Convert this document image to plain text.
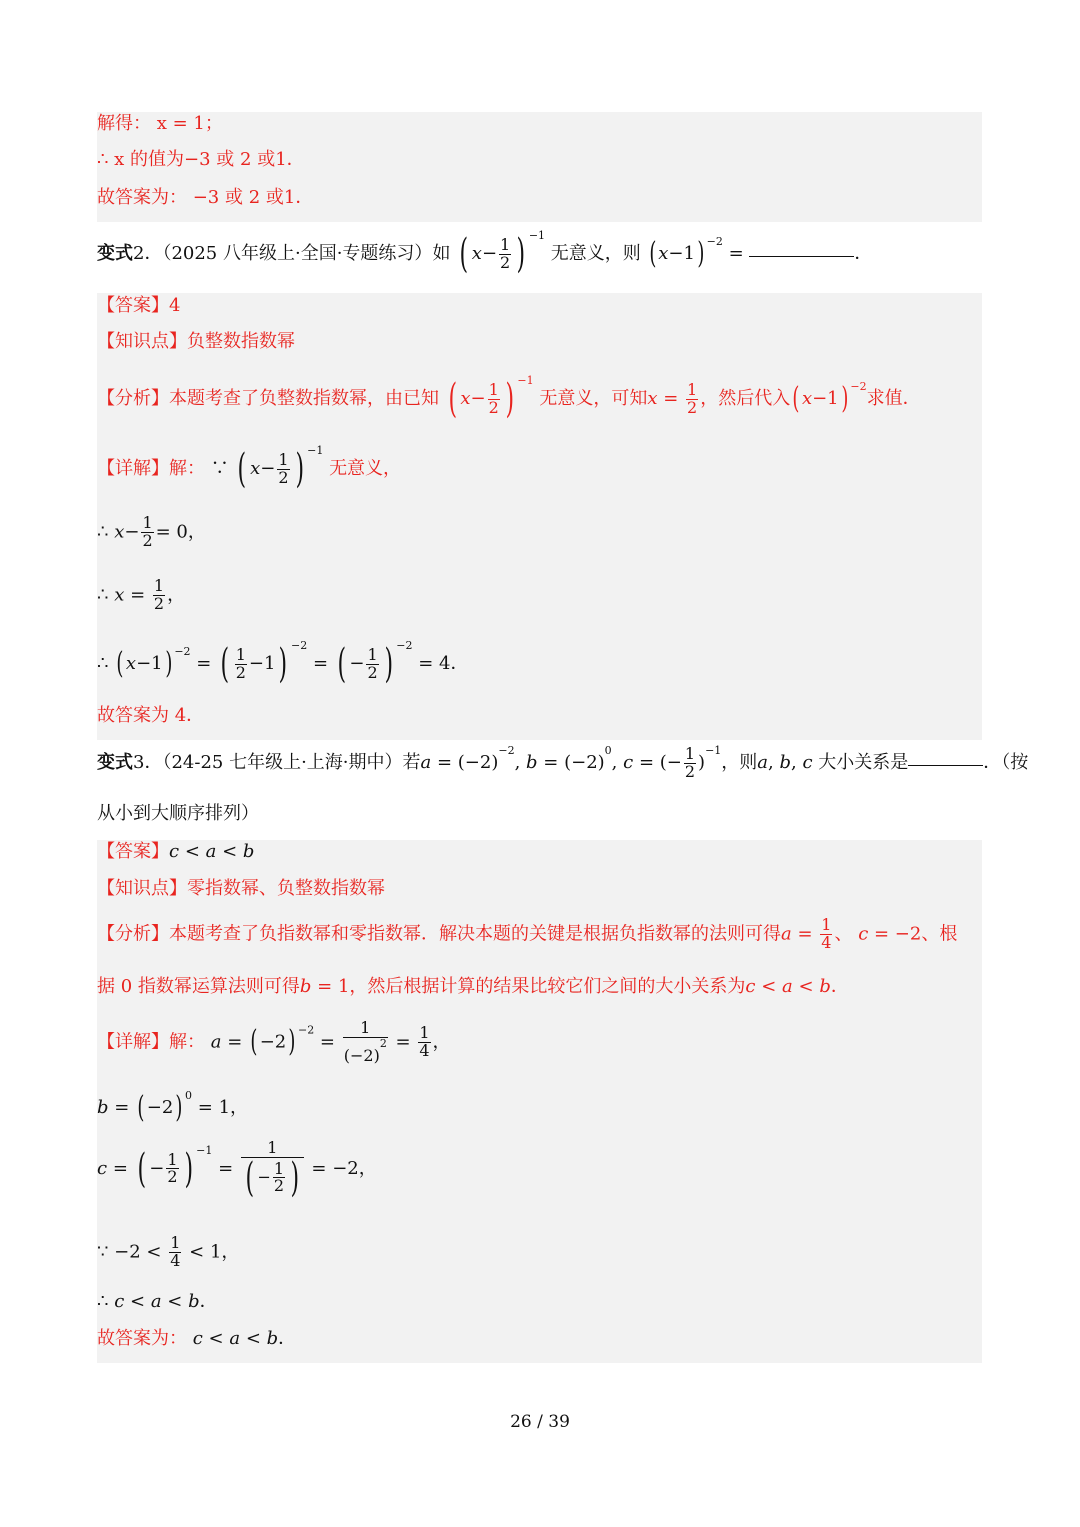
解得： x = 1；
∴ x 的值为−3 或 2 或1．
故答案为： −3 或 2 或1．
变式2．（2025 八年级上·全国·专题练习）如 ( $x- \frac{1}{2}$ ) $^{-1}$ 无意义，则 ( x−1) $^{-2}$ =	．
【答案】4
【知识点】负整数指数幂
【分析】本题考查了负整数指数幂，由已知 ( $x- \frac{1}{2}$ ) $^{-1}$ 无意义，可知$x = \frac{1}{2}$ ，然后代入( x−1) $^{-2}$求值．
【详解】解： ∵ ( $x- \frac{1}{2}$ ) $^{-1}$ 无意义，
∴ $x- \frac{1}{2} = 0$，
∴ $x = \frac{1}{2}$ ，
∴ ( x−1) $^{-2}$ = ( $\frac{1}{2} -1$) $^{-2}$ = ( − $\frac{1}{2}$ ) $^{-2}$ = 4．
故答案为 4．
变式3．（24-25 七年级上·上海·期中）若$a = (-2)^{-2}$, $b = (-2)^0$, c = (− $\frac{1}{2} )^{-1}$，则a, b, c 大小关系是	．（按
从小到大顺序排列）
【答案】c < a < b
【知识点】零指数幂、负整数指数幂
【分析】本题考查了负指数幂和零指数幂．解决本题的关键是根据负指数幂的法则可得$a = \frac{1}{4}$ 、 c = −2、根
据 0 指数幂运算法则可得b = 1，然后根据计算的结果比较它们之间的大小关系为c < a < b．
【详解】解： a = ( −2) $^{-2} = \frac{1}{(-2)^2} = \frac{1}{4}$ ，
b = ( −2) $^0$ = 1，
c = ( − $\frac{1}{2}$ ) $^{-1} = \frac{1}{( - \frac{1}{2} )} = -2$，
∵ $-2 < \frac{1}{4} < 1$，
∴ c < a < b．
故答案为： c < a < b．
26 / 39
